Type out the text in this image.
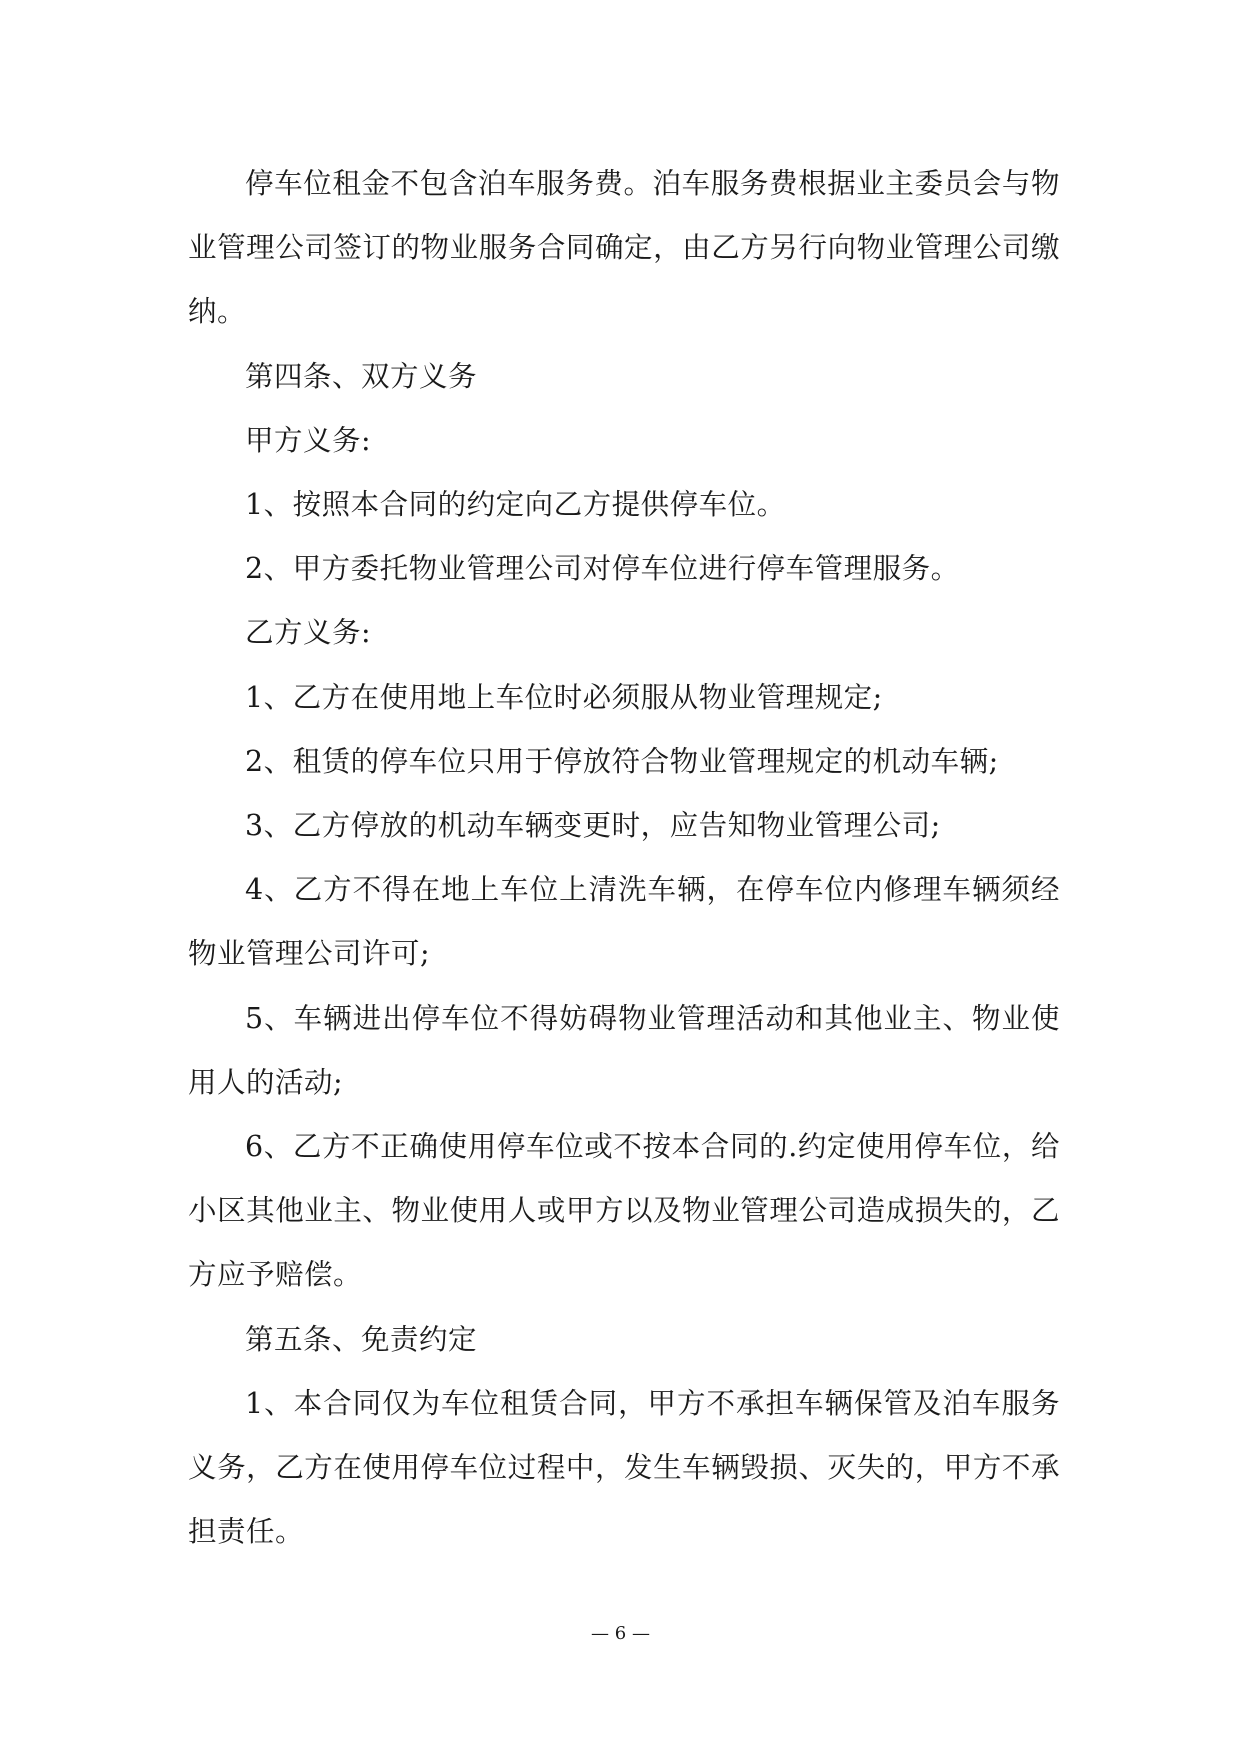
停车位租金不包含泊车服务费。泊车服务费根据业主委员会与物业管理公司签订的物业服务合同确定，由乙方另行向物业管理公司缴纳。

第四条、双方义务

甲方义务:

1、按照本合同的约定向乙方提供停车位。

2、甲方委托物业管理公司对停车位进行停车管理服务。

乙方义务:

1、乙方在使用地上车位时必须服从物业管理规定;

2、租赁的停车位只用于停放符合物业管理规定的机动车辆;

3、乙方停放的机动车辆变更时，应告知物业管理公司;

4、乙方不得在地上车位上清洗车辆，在停车位内修理车辆须经物业管理公司许可;

5、车辆进出停车位不得妨碍物业管理活动和其他业主、物业使用人的活动;

6、乙方不正确使用停车位或不按本合同的.约定使用停车位，给小区其他业主、物业使用人或甲方以及物业管理公司造成损失的，乙方应予赔偿。

第五条、免责约定

1、本合同仅为车位租赁合同，甲方不承担车辆保管及泊车服务义务，乙方在使用停车位过程中，发生车辆毁损、灭失的，甲方不承担责任。

— 6 —
